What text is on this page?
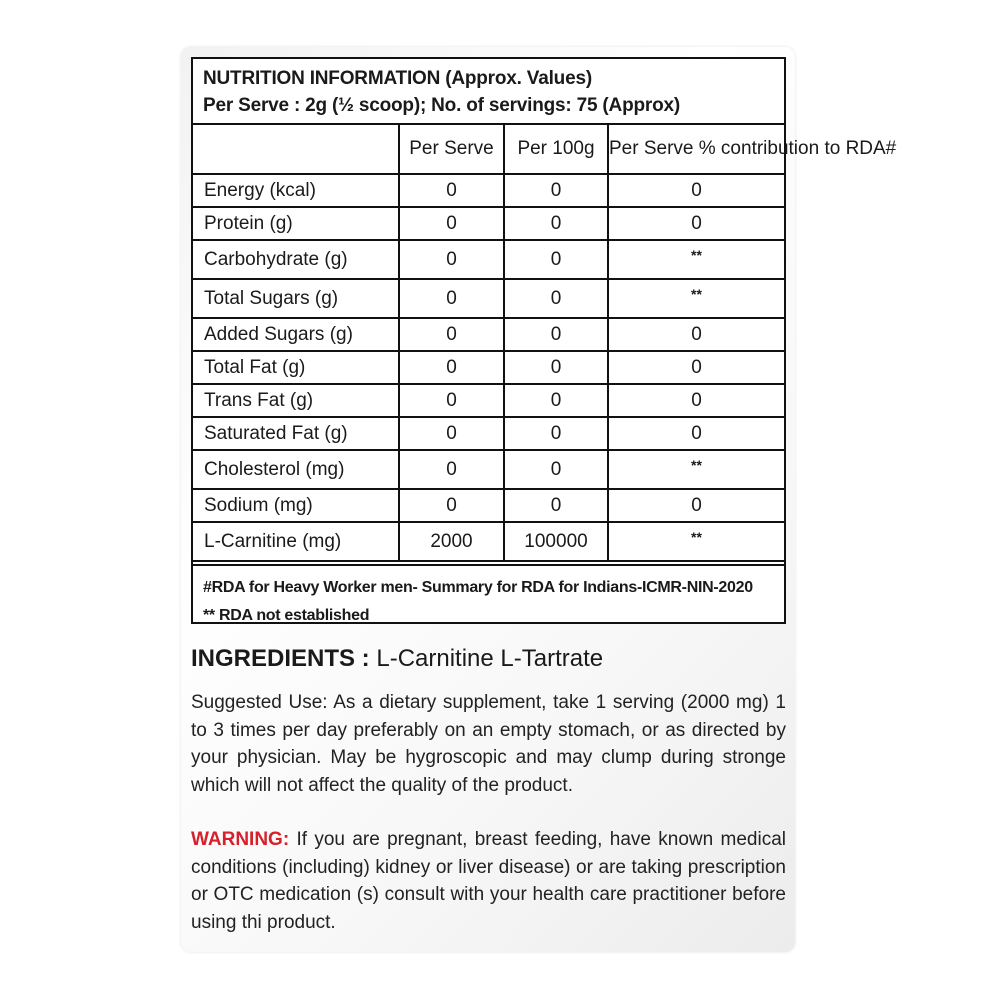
NUTRITION INFORMATION (Approx. Values)
Per Serve : 2g (½ scoop); No. of servings: 75 (Approx)
	Per Serve	Per 100g	Per Serve % contribution to RDA#
Energy (kcal)	0	0	0
Protein (g)	0	0	0
Carbohydrate (g)	0	0	**
Total Sugars (g)	0	0	**
Added Sugars (g)	0	0	0
Total Fat (g)	0	0	0
Trans Fat (g)	0	0	0
Saturated Fat (g)	0	0	0
Cholesterol (mg)	0	0	**
Sodium (mg)	0	0	0
L-Carnitine (mg)	2000	100000	**
#RDA for Heavy Worker men- Summary for RDA for Indians-ICMR-NIN-2020
** RDA not established
INGREDIENTS : L-Carnitine L-Tartrate
Suggested Use: As a dietary supplement, take 1 serving (2000 mg) 1 to 3 times per day preferably on an empty stomach, or as directed by your physician. May be hygroscopic and may clump during stronge which will not affect the quality of the product.
WARNING: If you are pregnant, breast feeding, have known medical conditions (including) kidney or liver disease) or are taking prescription or OTC medication (s) consult with your health care practitioner before using thi product.
